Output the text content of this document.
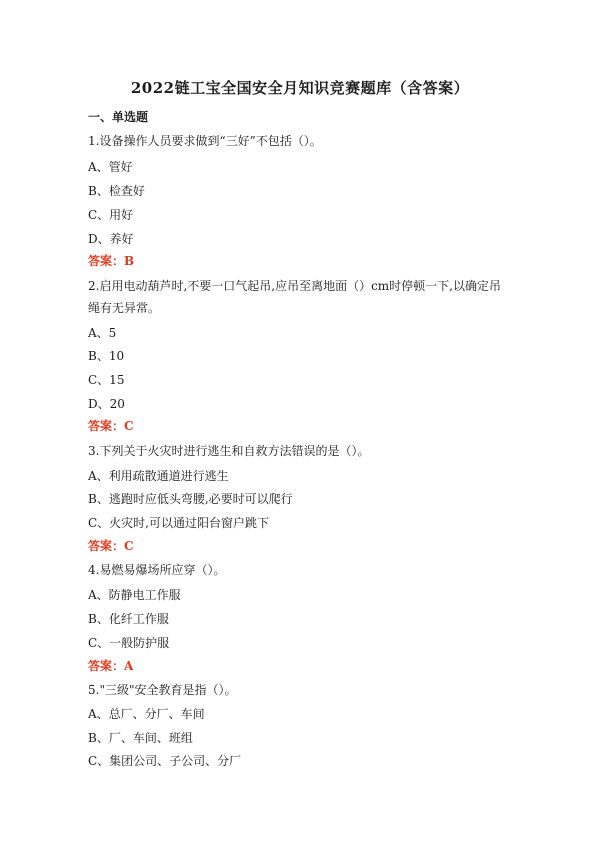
2022链工宝全国安全月知识竞赛题库（含答案）
一、单选题
1.设备操作人员要求做到“三好”不包括（）。
A、管好
B、检查好
C、用好
D、养好
答案：B
2.启用电动葫芦时,不要一口气起吊,应吊至离地面（）cm时停顿一下,以确定吊
绳有无异常。
A、5
B、10
C、15
D、20
答案：C
3.下列关于火灾时进行逃生和自救方法错误的是（）。
A、利用疏散通道进行逃生
B、逃跑时应低头弯腰,必要时可以爬行
C、火灾时,可以通过阳台窗户跳下
答案：C
4.易燃易爆场所应穿（）。
A、防静电工作服
B、化纤工作服
C、一般防护服
答案：A
5."三级"安全教育是指（）。
A、总厂、分厂、车间
B、厂、车间、班组
C、集团公司、子公司、分厂
